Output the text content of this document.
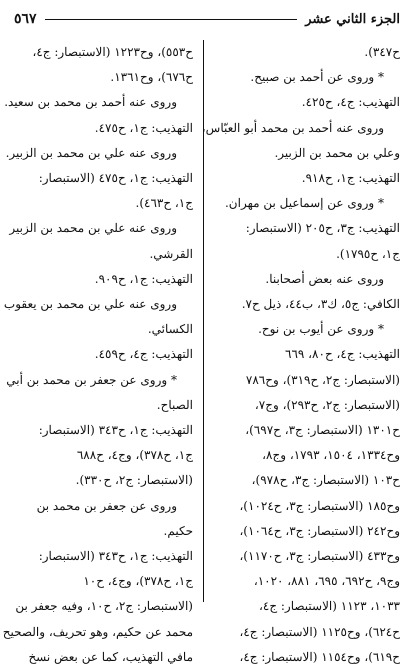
الجزء الثاني عشر
٥٦٧
ح٣٤٧).
* وروى عن أحمد بن صبيح.
التهذيب: ج٤، ح٤٢٥.
وروى عنه أحمد بن محمد أبو العبّاس،
وعلي بن محمد بن الزبير.
التهذيب: ج١، ح٩١٨.
* وروى عن إسماعيل بن مهران.
التهذيب: ج٣، ح٢٠٥ (الاستبصار:
ج١، ح١٧٩٥).
وروى عنه بعض أصحابنا.
الكافي: ج٥، ك٣، ب٤٤، ذيل ح٧.
* وروى عن أيوب بن نوح.
التهذيب: ج٤، ح٨٠، ٦٦٩
(الاستبصار: ج٢، ح٣١٩)، وح٧٨٦
(الاستبصار: ج٢، ح٢٩٣)، وج٧،
ح١٣٠١ (الاستبصار: ج٣، ح٦٩٧)،
وح١٣٣٤، ١٥٠٤، ١٧٩٣، وج٨،
ح١٠٣ (الاستبصار: ج٣، ح٩٧٨)،
وح١٨٥ (الاستبصار: ج٣، ح١٠٢٤)،
وح٢٤٢ (الاستبصار: ج٣، ح١٠٦٤)،
وح٤٣٣ (الاستبصار: ج٣، ح١١٧٠)،
وج٩، ح٦٩٢، ٦٩٥، ٨٨١، ١٠٢٠،
١٠٣٣، ١١٢٣ (الاستبصار: ج٤،
ح٦٢٤)، وح١١٢٥ (الاستبصار: ج٤،
ح٦١٩)، وح١١٥٤ (الاستبصار: ج٤،
ح٥٥٣)، وح١٢٢٣ (الاستبصار: ج٤،
ح٦٧٦)، وح١٣٦١.
وروى عنه أحمد بن محمد بن سعيد.
التهذيب: ج١، ح٤٧٥.
وروى عنه علي بن محمد بن الزبير.
التهذيب: ج١، ح٤٧٥ (الاستبصار:
ج١، ح٤٦٣).
وروى عنه علي بن محمد بن الزبير
القرشي.
التهذيب: ج١، ح٩٠٩.
وروى عنه علي بن محمد بن يعقوب
الكسائي.
التهذيب: ج٤، ح٤٥٩.
* وروى عن جعفر بن محمد بن أبي
الصباح.
التهذيب: ج١، ح٣٤٣ (الاستبصار:
ج١، ح٣٧٨)، وج٤، ح٦٨٨
(الاستبصار: ج٢، ح٣٣٠).
وروى عن جعفر بن محمد بن
حكيم.
التهذيب: ج١، ح٣٤٣ (الاستبصار:
ج١، ح٣٧٨)، وج٤، ح١٠
(الاستبصار: ج٢، ح١٠، وفيه جعفر بن
محمد عن حكيم، وهو تحريف، والصحيح
مافي التهذيب، كما عن بعض نسخ
